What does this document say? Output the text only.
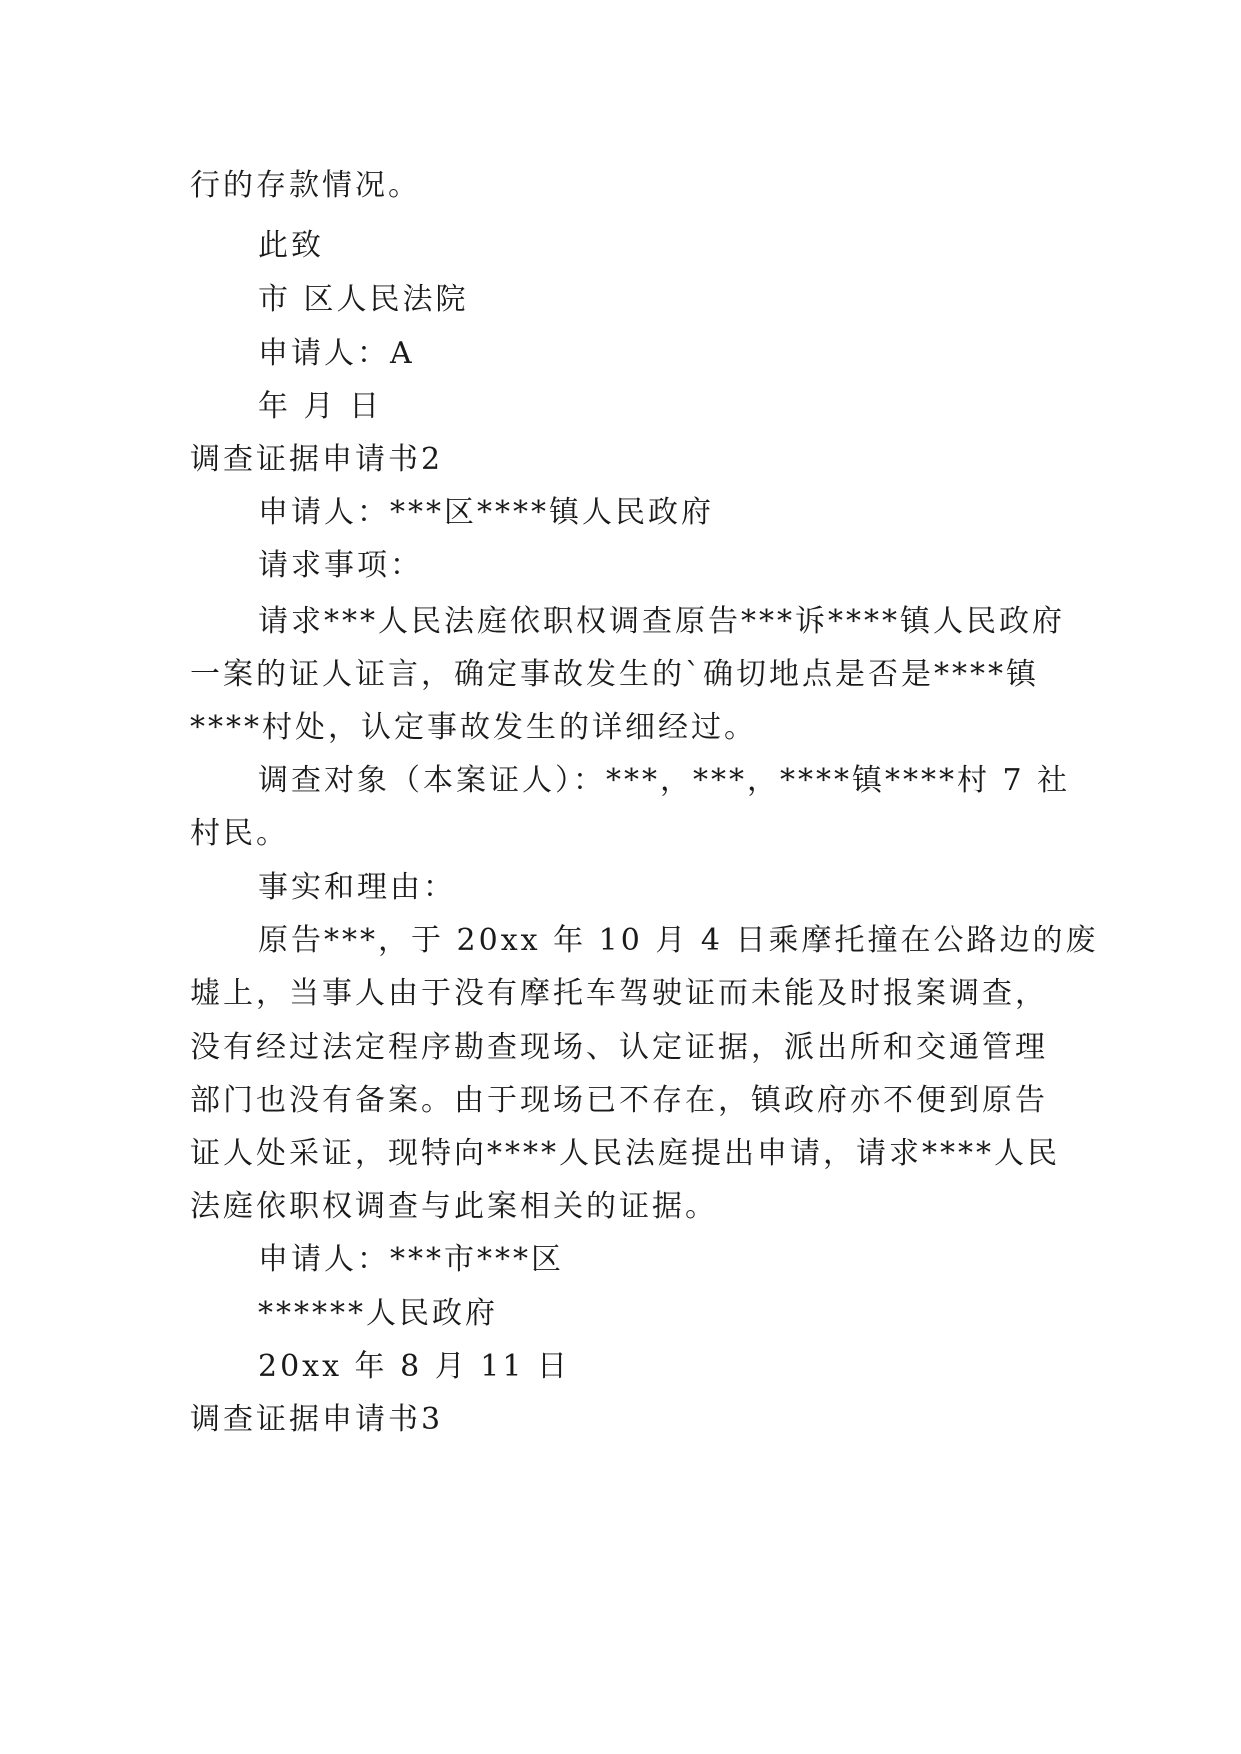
行的存款情况。
此致
市 区人民法院
申请人：A
年 月 日
调查证据申请书2
申请人：***区****镇人民政府
请求事项：
请求***人民法庭依职权调查原告***诉****镇人民政府
一案的证人证言，确定事故发生的`确切地点是否是****镇
****村处，认定事故发生的详细经过。
调查对象（本案证人）：***，***，****镇****村 7 社
村民。
事实和理由：
原告***，于 20xx 年 10 月 4 日乘摩托撞在公路边的废
墟上，当事人由于没有摩托车驾驶证而未能及时报案调查，
没有经过法定程序勘查现场、认定证据，派出所和交通管理
部门也没有备案。由于现场已不存在，镇政府亦不便到原告
证人处采证，现特向****人民法庭提出申请，请求****人民
法庭依职权调查与此案相关的证据。
申请人：***市***区
******人民政府
20xx 年 8 月 11 日
调查证据申请书3
